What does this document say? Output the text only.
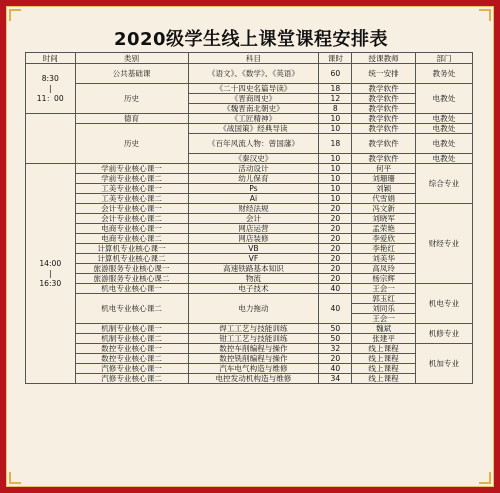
2020级学生线上课堂课程安排表
时间	类别	科目	课时	授课教师	部门

8:30
|
11：00	公共基础课	《语文》、《数学》、《英语》	60	统一安排	教务处
	历史	《二十四史名篇导读》	18	教学软件	电教处
		《晋商周史》	12	教学软件	
		《魏晋南北朝史》	8	教学软件	
	德育	《工匠精神》	10	教学软件	电教处
	历史	《战国策》经典导读	10	教学软件	电教处
		《百年风流人物：曾国藩》	18	教学软件	电教处
		《秦汉史》	10	教学软件	电教处

14:00
|
16:30	学前专业核心课一	活动设计	10	何平	综合专业
	学前专业核心课二	幼儿保育	10	刘珊珊	
	工美专业核心课一	Ps	10	刘颖	
	工美专业核心课二	Ai	10	代雪娟	
	会计专业核心课一	财经法规	20	冯文新	财经专业
	会计专业核心课二	会计	20	刘晓军	
	电商专业核心课一	网店运营	20	孟荣艳	
	电商专业核心课二	网店装修	20	李爱欣	
	计算机专业核心课一	VB	20	李艳红	
	计算机专业核心课二	VF	20	刘美华	
	旅游服务专业核心课一	高速铁路基本知识	20	高凤玲	
	旅游服务专业核心课二	物流	20	杨宗辉	
	机电专业核心课一	电子技术	40	王会一	机电专业
	机电专业核心课二	电力拖动	40	郭玉红	
				刘同乐	
				王会一	
	机制专业核心课一	焊工工艺与技能训练	50	魏斌	机修专业
	机制专业核心课二	钳工工艺与技能训练	50	张建平	
	数控专业核心课一	数控车削编程与操作	32	线上课程	机加专业
	数控专业核心课二	数控铣削编程与操作	20	线上课程	
	汽修专业核心课一	汽车电气构造与维修	40	线上课程	
	汽修专业核心课二	电控发动机构造与维修	34	线上课程	
